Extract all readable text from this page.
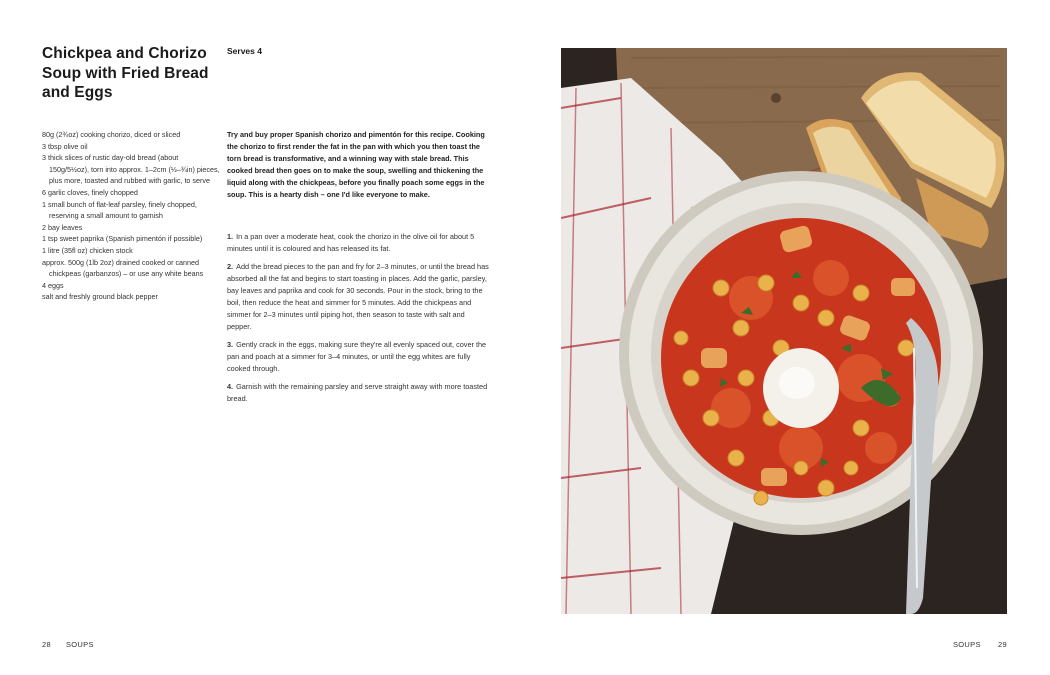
Chickpea and Chorizo Soup with Fried Bread and Eggs
Serves 4
80g (2¾oz) cooking chorizo, diced or sliced
3 tbsp olive oil
3 thick slices of rustic day-old bread (about 150g/5½oz), torn into approx. 1–2cm (½–¾in) pieces, plus more, toasted and rubbed with garlic, to serve
6 garlic cloves, finely chopped
1 small bunch of flat-leaf parsley, finely chopped, reserving a small amount to garnish
2 bay leaves
1 tsp sweet paprika (Spanish pimentón if possible)
1 litre (35fl oz) chicken stock
approx. 500g (1lb 2oz) drained cooked or canned chickpeas (garbanzos) – or use any white beans
4 eggs
salt and freshly ground black pepper
Try and buy proper Spanish chorizo and pimentón for this recipe. Cooking the chorizo to first render the fat in the pan with which you then toast the torn bread is transformative, and a winning way with stale bread. This cooked bread then goes on to make the soup, swelling and thickening the liquid along with the chickpeas, before you finally poach some eggs in the soup. This is a hearty dish – one I'd like everyone to make.
1. In a pan over a moderate heat, cook the chorizo in the olive oil for about 5 minutes until it is coloured and has released its fat.
2. Add the bread pieces to the pan and fry for 2–3 minutes, or until the bread has absorbed all the fat and begins to start toasting in places. Add the garlic, parsley, bay leaves and paprika and cook for 30 seconds. Pour in the stock, bring to the boil, then reduce the heat and simmer for 5 minutes. Add the chickpeas and simmer for 2–3 minutes until piping hot, then season to taste with salt and pepper.
3. Gently crack in the eggs, making sure they're all evenly spaced out, cover the pan and poach at a simmer for 3–4 minutes, or until the egg whites are fully cooked through.
4. Garnish with the remaining parsley and serve straight away with more toasted bread.
28 SOUPS	SOUPS 29
